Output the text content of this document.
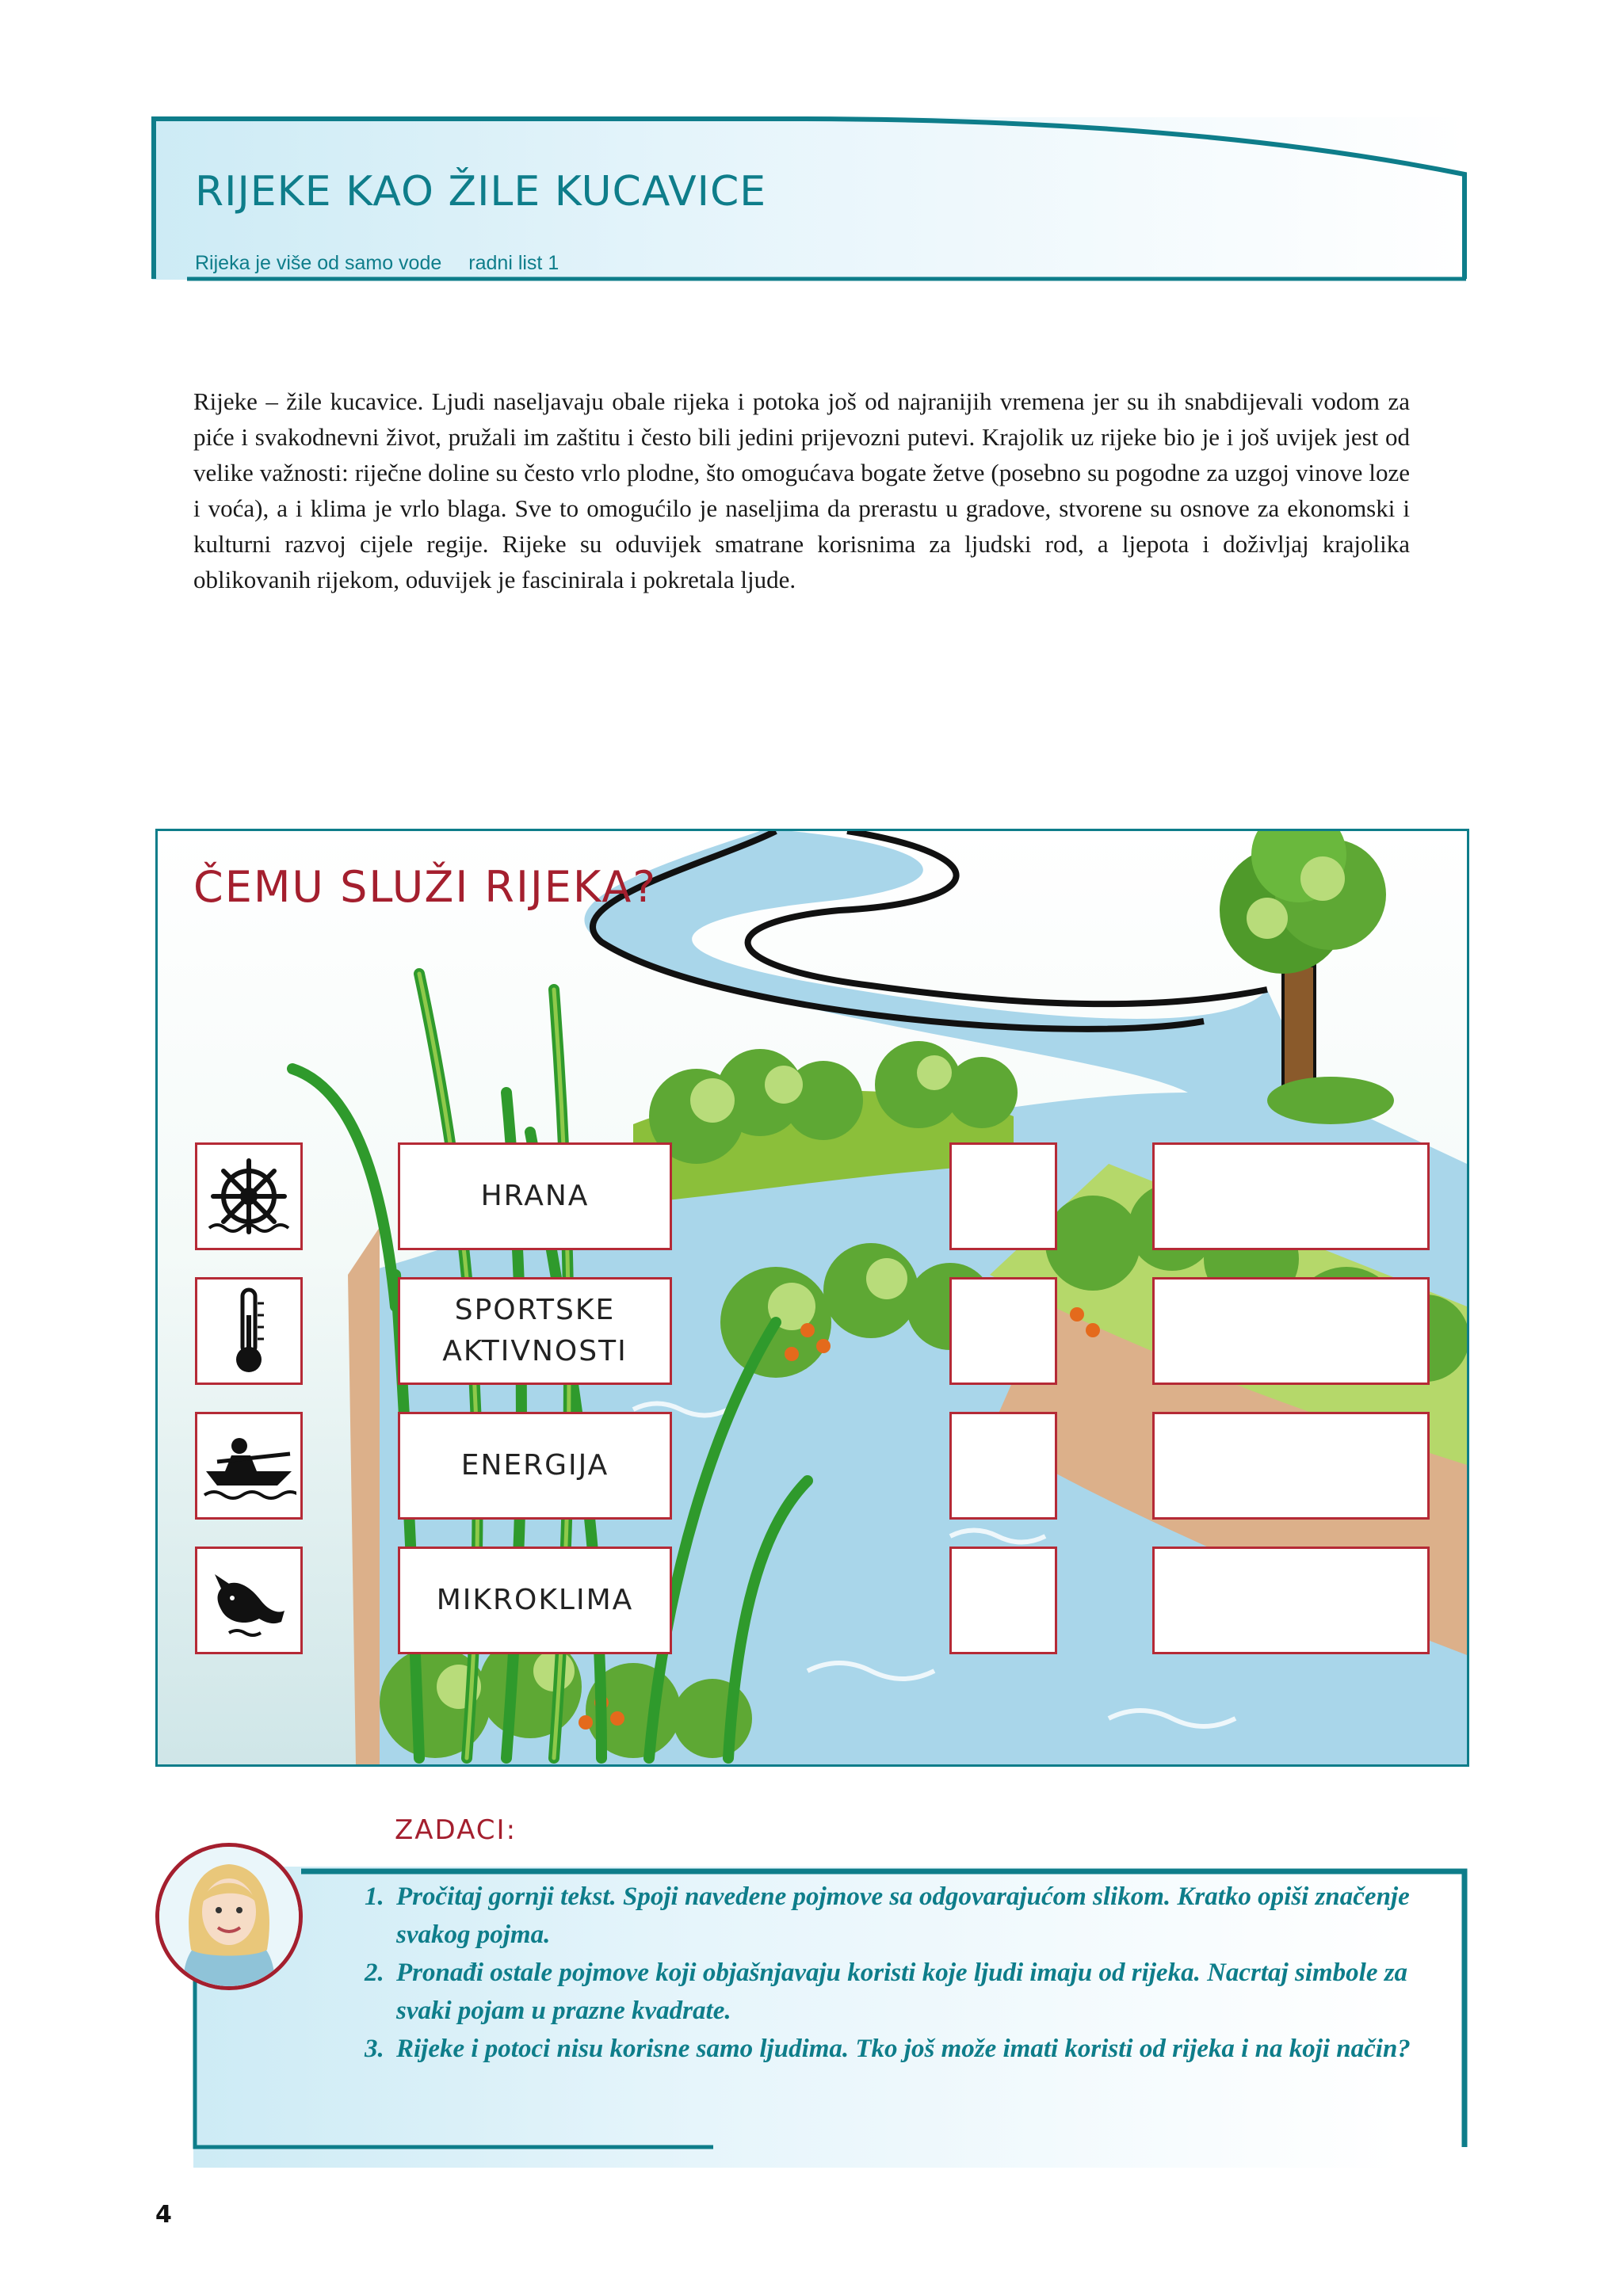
RIJEKE KAO ŽILE KUCAVICE
Rijeka je više od samo vode radni list 1

Rijeke – žile kucavice. Ljudi naseljavaju obale rijeka i potoka još od najranijih vremena jer su ih snabdijevali vodom za piće i svakodnevni život, pružali im zaštitu i često bili jedini prijevozni putevi. Krajolik uz rijeke bio je i još uvijek jest od velike važnosti: riječne doline su često vrlo plodne, što omogućava bogate žetve (posebno su pogodne za uzgoj vinove loze i voća), a i klima je vrlo blaga. Sve to omogućilo je naseljima da prerastu u gradove, stvorene su osnove za ekonomski i kulturni razvoj cijele regije. Rijeke su oduvijek smatrane korisnima za ljudski rod, a ljepota i doživljaj krajolika oblikovanih rijekom, oduvijek je fascinirala i pokretala ljude.

ČEMU SLUŽI RIJEKA?
HRANA
SPORTSKE
AKTIVNOSTI
ENERGIJA
MIKROKLIMA
ZADACI:
1. Pročitaj gornji tekst. Spoji navedene pojmove sa odgovarajućom slikom. Kratko opiši značenje svakog pojma.
2. Pronađi ostale pojmove koji objašnjavaju koristi koje ljudi imaju od rijeka. Nacrtaj simbole za svaki pojam u prazne kvadrate.
3. Rijeke i potoci nisu korisne samo ljudima. Tko još može imati koristi od rijeka i na koji način?
4
